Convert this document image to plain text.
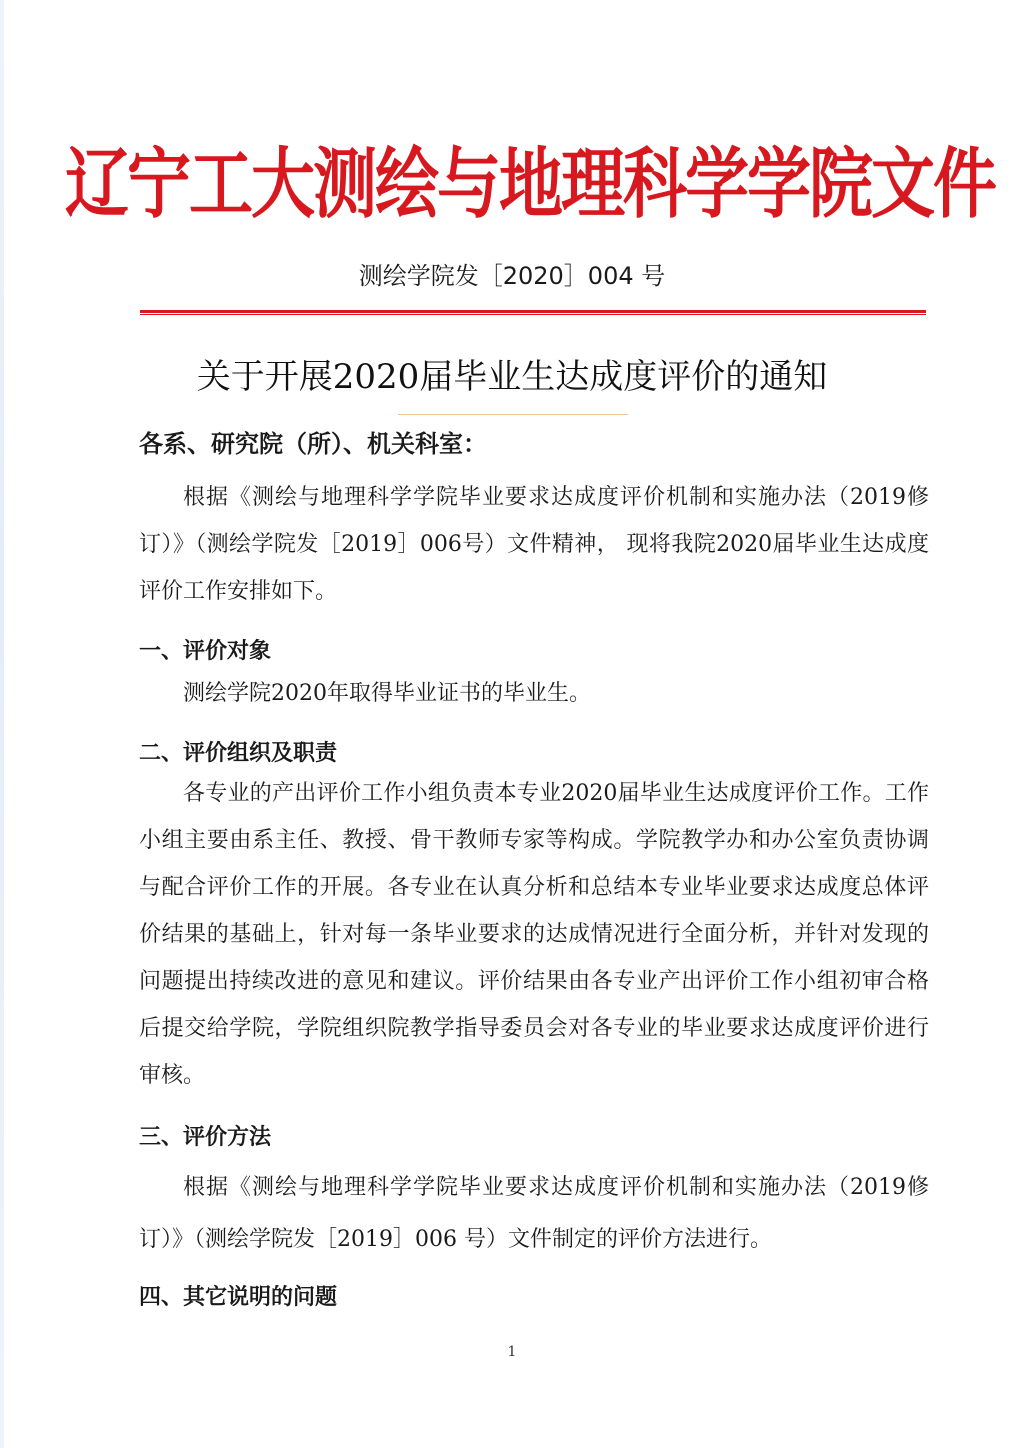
辽宁工大测绘与地理科学学院文件
测绘学院发［2020］004 号
关于开展2020届毕业生达成度评价的通知
各系、研究院（所）、机关科室：

根据《测绘与地理科学学院毕业要求达成度评价机制和实施办法（2019修订）》（测绘学院发［2019］006号）文件精神， 现将我院2020届毕业生达成度评价工作安排如下。

一、评价对象

测绘学院2020年取得毕业证书的毕业生。

二、评价组织及职责

各专业的产出评价工作小组负责本专业2020届毕业生达成度评价工作。工作小组主要由系主任、教授、骨干教师专家等构成。学院教学办和办公室负责协调与配合评价工作的开展。各专业在认真分析和总结本专业毕业要求达成度总体评价结果的基础上，针对每一条毕业要求的达成情况进行全面分析，并针对发现的问题提出持续改进的意见和建议。评价结果由各专业产出评价工作小组初审合格后提交给学院，学院组织院教学指导委员会对各专业的毕业要求达成度评价进行审核。

三、评价方法

根据《测绘与地理科学学院毕业要求达成度评价机制和实施办法（2019修订）》（测绘学院发［2019］006 号）文件制定的评价方法进行。

四、其它说明的问题
1
